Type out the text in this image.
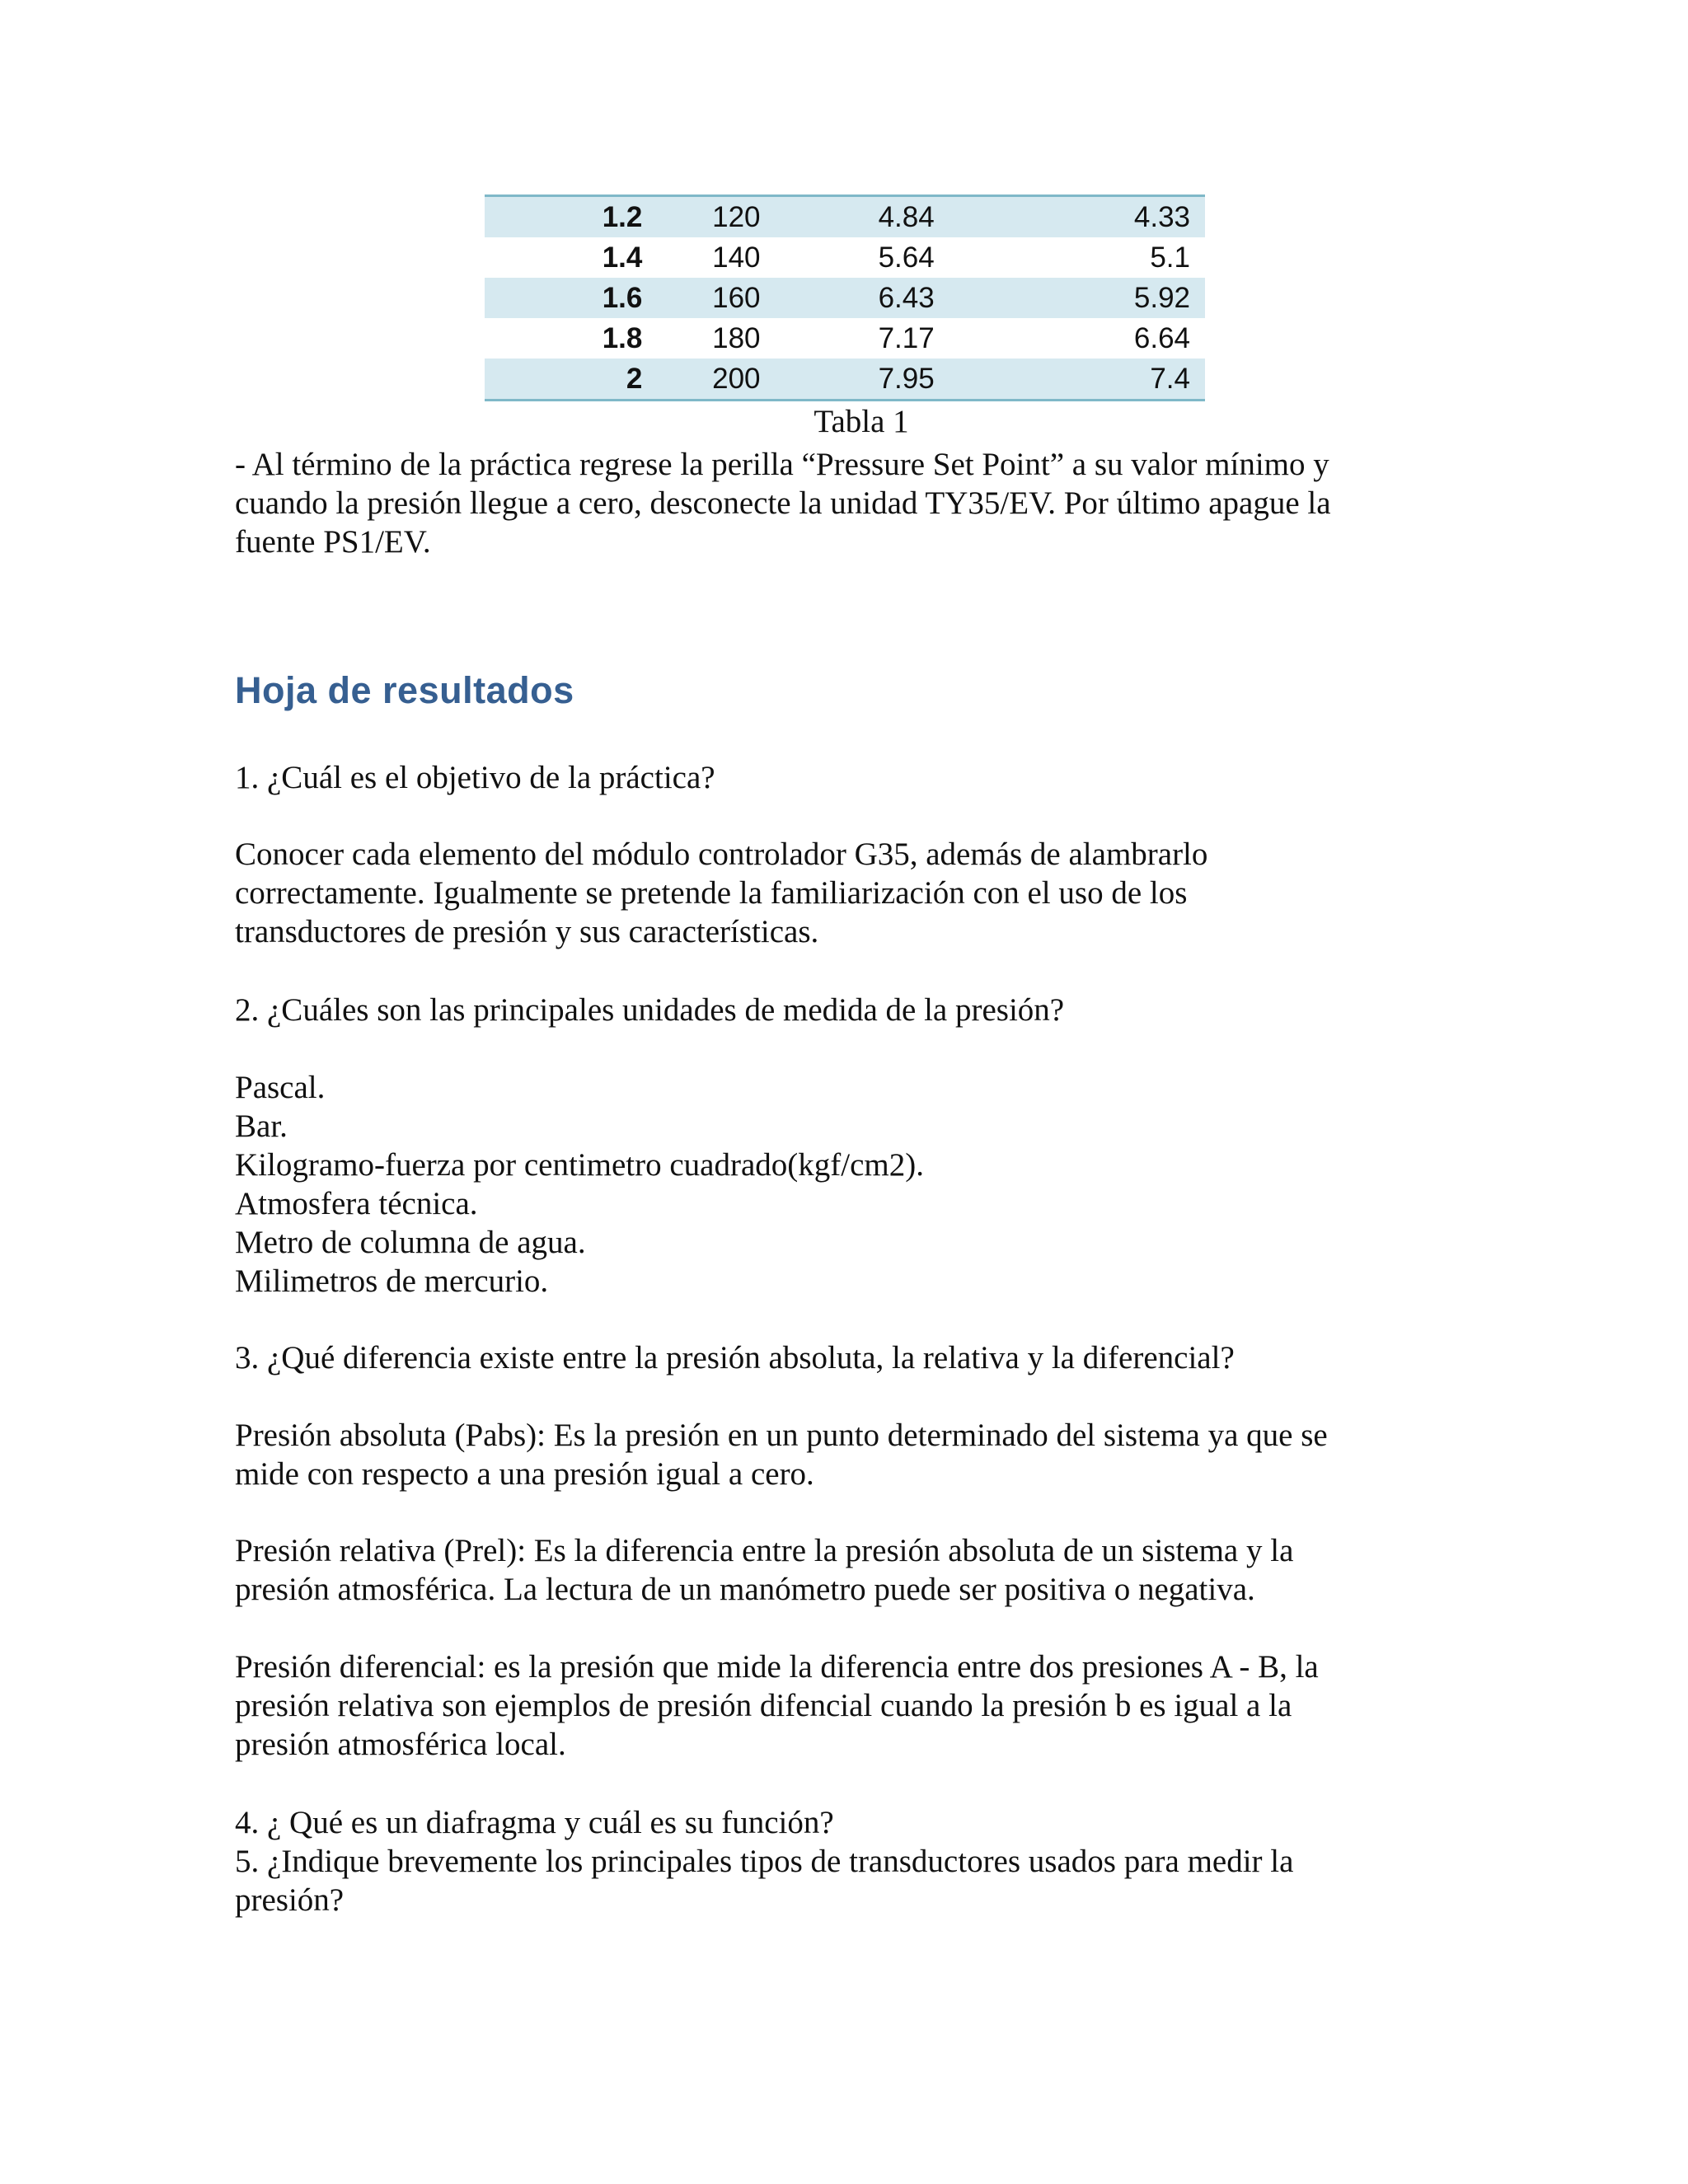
1.2	120	4.84	4.33
1.4	140	5.64	5.1
1.6	160	6.43	5.92
1.8	180	7.17	6.64
2	200	7.95	7.4
Tabla 1

- Al término de la práctica regrese la perilla “Pressure Set Point” a su valor mínimo y

cuando la presión llegue a cero, desconecte la unidad TY35/EV. Por último apague la

fuente PS1/EV.

Hoja de resultados

1. ¿Cuál es el objetivo de la práctica?

Conocer cada elemento del módulo controlador G35, además de alambrarlo

correctamente. Igualmente se pretende la familiarización con el uso de los

transductores de presión y sus características.

2. ¿Cuáles son las principales unidades de medida de la presión?

Pascal.

Bar.

Kilogramo-fuerza por centimetro cuadrado(kgf/cm2).

Atmosfera técnica.

Metro de columna de agua.

Milimetros de mercurio.

3. ¿Qué diferencia existe entre la presión absoluta, la relativa y la diferencial?

Presión absoluta (Pabs): Es la presión en un punto determinado del sistema ya que se

mide con respecto a una presión igual a cero.

Presión relativa (Prel): Es la diferencia entre la presión absoluta de un sistema y la

presión atmosférica. La lectura de un manómetro puede ser positiva o negativa.

Presión diferencial: es la presión que mide la diferencia entre dos presiones A - B, la

presión relativa son ejemplos de presión difencial cuando la presión b es igual a la

presión atmosférica local.

4. ¿ Qué es un diafragma y cuál es su función?

5. ¿Indique brevemente los principales tipos de transductores usados para medir la

presión?
